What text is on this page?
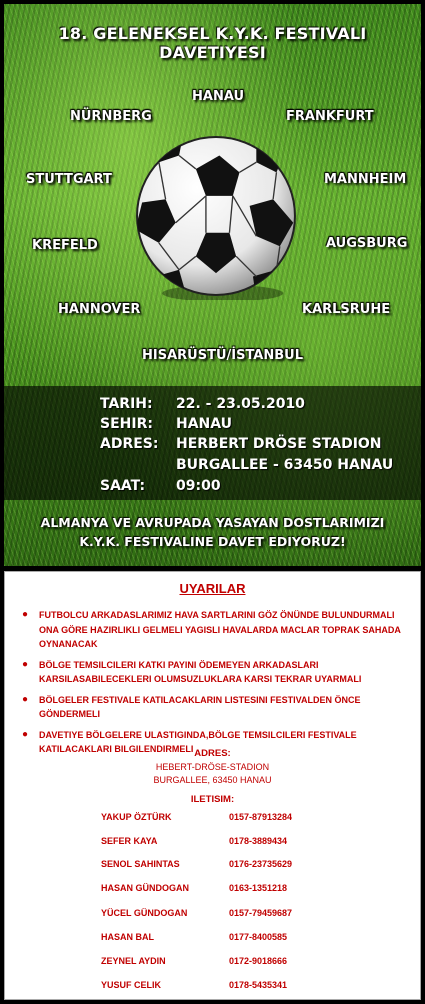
18. GELENEKSEL K.Y.K. FESTIVALI DAVETIYESI
HANAU
NÜRNBERG	FRANKFURT
STUTTGART	MANNHEIM
KREFELD	AUGSBURG
HANNOVER	KARLSRUHE
HISARÜSTÜ/İSTANBUL
TARIH: 22. - 23.05.2010
SEHIR: HANAU
ADRES: HERBERT DRÖSE STADION
BURGALLEE - 63450 HANAU
SAAT: 09:00
ALMANYA VE AVRUPADA YASAYAN DOSTLARIMIZI
K.Y.K. FESTIVALINE DAVET EDIYORUZ!
UYARILAR
● FUTBOLCU ARKADASLARIMIZ HAVA SARTLARINI GÖZ ÖNÜNDE BULUNDURMALI ONA GÖRE HAZIRLIKLI GELMELI YAGISLI HAVALARDA MACLAR TOPRAK SAHADA OYNANACAK
● BÖLGE TEMSILCILERI KATKI PAYINI ÖDEMEYEN ARKADASLARI KARSILASABILECEKLERI OLUMSUZLUKLARA KARSI TEKRAR UYARMALI
● BÖLGELER FESTIVALE KATILACAKLARIN LISTESINI FESTIVALDEN ÖNCE GÖNDERMELI
● DAVETIYE BÖLGELERE ULASTIGINDA,BÖLGE TEMSILCILERI FESTIVALE KATILACAKLARI BILGILENDIRMELI ADRES:
HEBERT-DRÖSE-STADION
BURGALLEE, 63450 HANAU
ILETISIM:
YAKUP ÖZTÜRK	0157-87913284
SEFER KAYA	0178-3889434
SENOL SAHINTAS	0176-23735629
HASAN GÜNDOGAN	0163-1351218
YÜCEL GÜNDOGAN	0157-79459687
HASAN BAL	0177-8400585
ZEYNEL AYDIN	0172-9018666
YUSUF CELIK	0178-5435341
